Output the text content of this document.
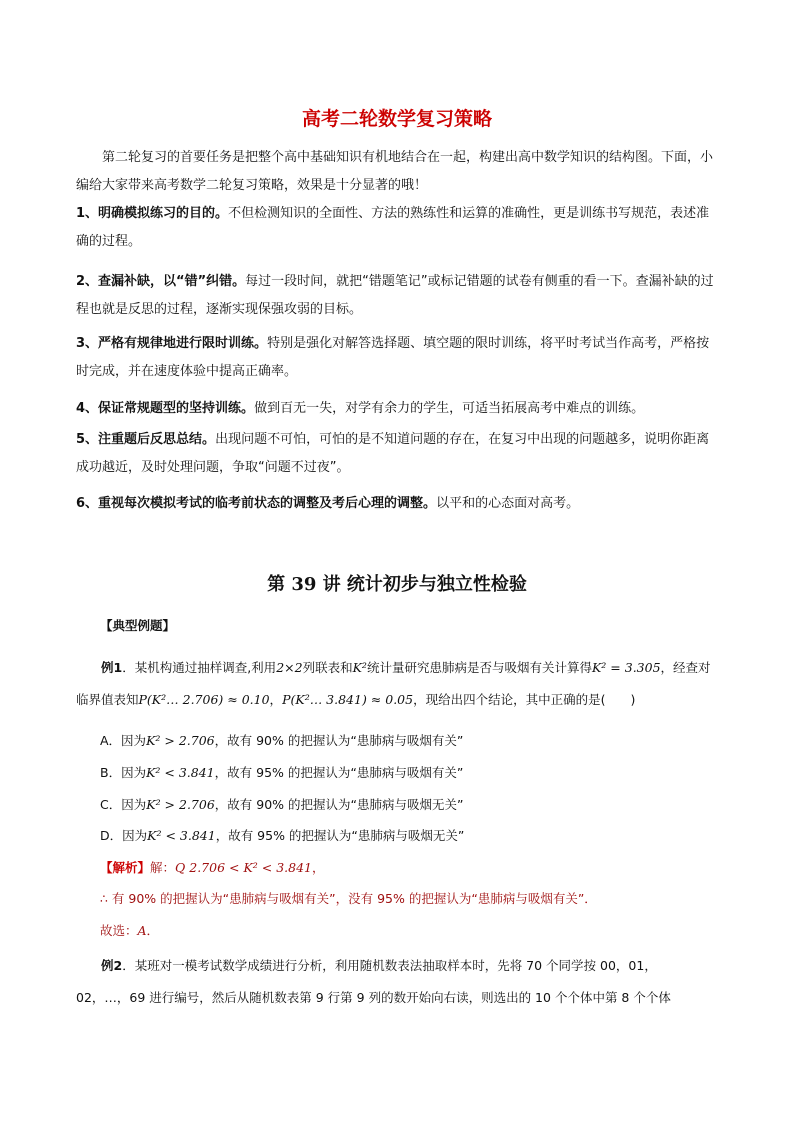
高考二轮数学复习策略

第二轮复习的首要任务是把整个高中基础知识有机地结合在一起，构建出高中数学知识的结构图。下面，小编给大家带来高考数学二轮复习策略，效果是十分显著的哦！

1、明确模拟练习的目的。不但检测知识的全面性、方法的熟练性和运算的准确性，更是训练书写规范，表述准确的过程。

2、查漏补缺，以“错”纠错。每过一段时间，就把“错题笔记”或标记错题的试卷有侧重的看一下。查漏补缺的过程也就是反思的过程，逐渐实现保强攻弱的目标。

3、严格有规律地进行限时训练。特别是强化对解答选择题、填空题的限时训练，将平时考试当作高考，严格按时完成，并在速度体验中提高正确率。

4、保证常规题型的坚持训练。做到百无一失，对学有余力的学生，可适当拓展高考中难点的训练。

5、注重题后反思总结。出现问题不可怕，可怕的是不知道问题的存在，在复习中出现的问题越多，说明你距离成功越近，及时处理问题，争取“问题不过夜”。

6、重视每次模拟考试的临考前状态的调整及考后心理的调整。以平和的心态面对高考。

第 39 讲 统计初步与独立性检验

【典型例题】

例1．某机构通过抽样调查,利用2×2列联表和K²统计量研究患肺病是否与吸烟有关计算得K² = 3.305，经查对临界值表知P(K²… 2.706) ≈ 0.10，P(K²… 3.841) ≈ 0.05，现给出四个结论，其中正确的是(　　)

A．因为K² > 2.706，故有 90% 的把握认为“患肺病与吸烟有关”

B．因为K² < 3.841，故有 95% 的把握认为“患肺病与吸烟有关”

C．因为K² > 2.706，故有 90% 的把握认为“患肺病与吸烟无关”

D．因为K² < 3.841，故有 95% 的把握认为“患肺病与吸烟无关”

【解析】解：Q 2.706 < K² < 3.841，

∴ 有 90% 的把握认为“患肺病与吸烟有关”，没有 95% 的把握认为“患肺病与吸烟有关”．

故选：A．

例2．某班对一模考试数学成绩进行分析，利用随机数表法抽取样本时，先将 70 个同学按 00，01，

02，…，69 进行编号，然后从随机数表第 9 行第 9 列的数开始向右读，则选出的 10 个个体中第 8 个个体
